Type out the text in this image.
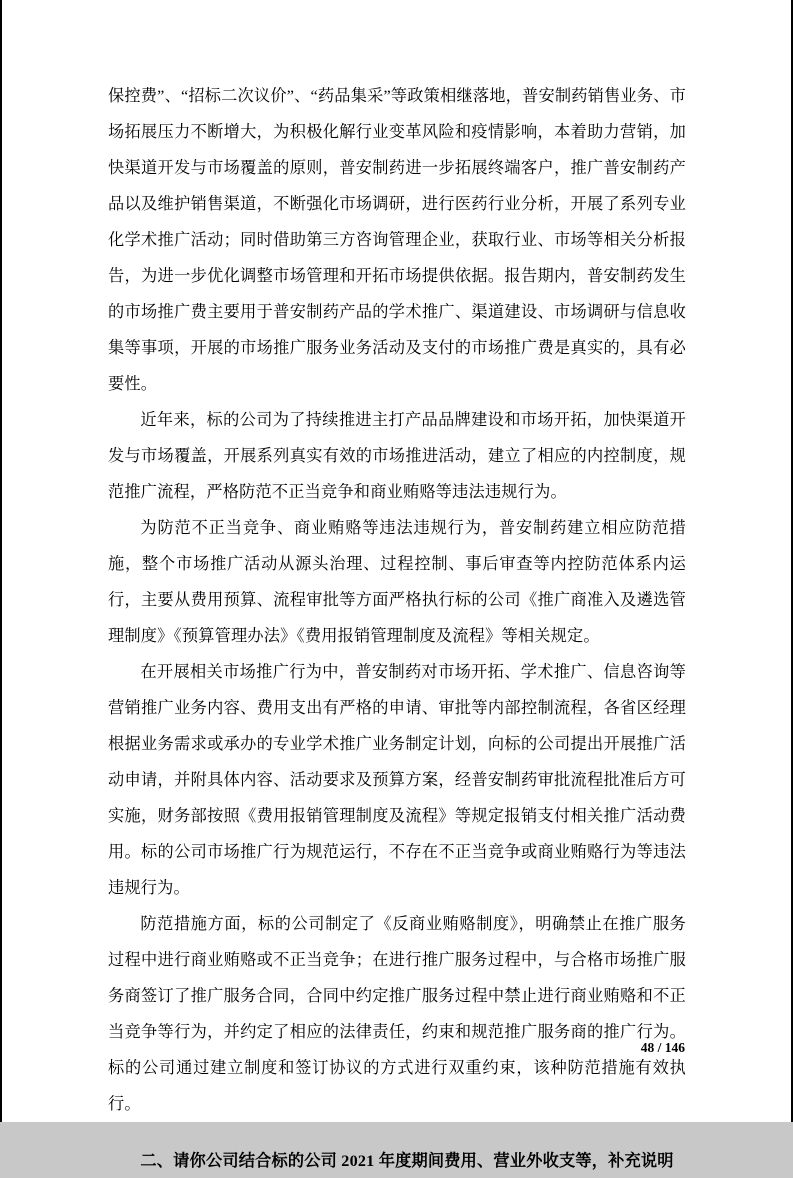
保控费”、“招标二次议价”、“药品集采”等政策相继落地，普安制药销售业务、市场拓展压力不断增大，为积极化解行业变革风险和疫情影响，本着助力营销，加快渠道开发与市场覆盖的原则，普安制药进一步拓展终端客户，推广普安制药产品以及维护销售渠道，不断强化市场调研，进行医药行业分析，开展了系列专业化学术推广活动；同时借助第三方咨询管理企业，获取行业、市场等相关分析报告，为进一步优化调整市场管理和开拓市场提供依据。报告期内，普安制药发生的市场推广费主要用于普安制药产品的学术推广、渠道建设、市场调研与信息收集等事项，开展的市场推广服务业务活动及支付的市场推广费是真实的，具有必要性。

近年来，标的公司为了持续推进主打产品品牌建设和市场开拓，加快渠道开发与市场覆盖，开展系列真实有效的市场推进活动，建立了相应的内控制度，规范推广流程，严格防范不正当竞争和商业贿赂等违法违规行为。

为防范不正当竞争、商业贿赂等违法违规行为，普安制药建立相应防范措施，整个市场推广活动从源头治理、过程控制、事后审查等内控防范体系内运行，主要从费用预算、流程审批等方面严格执行标的公司《推广商准入及遴选管理制度》《预算管理办法》《费用报销管理制度及流程》等相关规定。

在开展相关市场推广行为中，普安制药对市场开拓、学术推广、信息咨询等营销推广业务内容、费用支出有严格的申请、审批等内部控制流程，各省区经理根据业务需求或承办的专业学术推广业务制定计划，向标的公司提出开展推广活动申请，并附具体内容、活动要求及预算方案，经普安制药审批流程批准后方可实施，财务部按照《费用报销管理制度及流程》等规定报销支付相关推广活动费用。标的公司市场推广行为规范运行，不存在不正当竞争或商业贿赂行为等违法违规行为。

防范措施方面，标的公司制定了《反商业贿赂制度》，明确禁止在推广服务过程中进行商业贿赂或不正当竞争；在进行推广服务过程中，与合格市场推广服务商签订了推广服务合同，合同中约定推广服务过程中禁止进行商业贿赂和不正当竞争等行为，并约定了相应的法律责任，约束和规范推广服务商的推广行为。标的公司通过建立制度和签订协议的方式进行双重约束，该种防范措施有效执行。

二、请你公司结合标的公司 2021 年度期间费用、营业外收支等，补充说明

48 / 146
